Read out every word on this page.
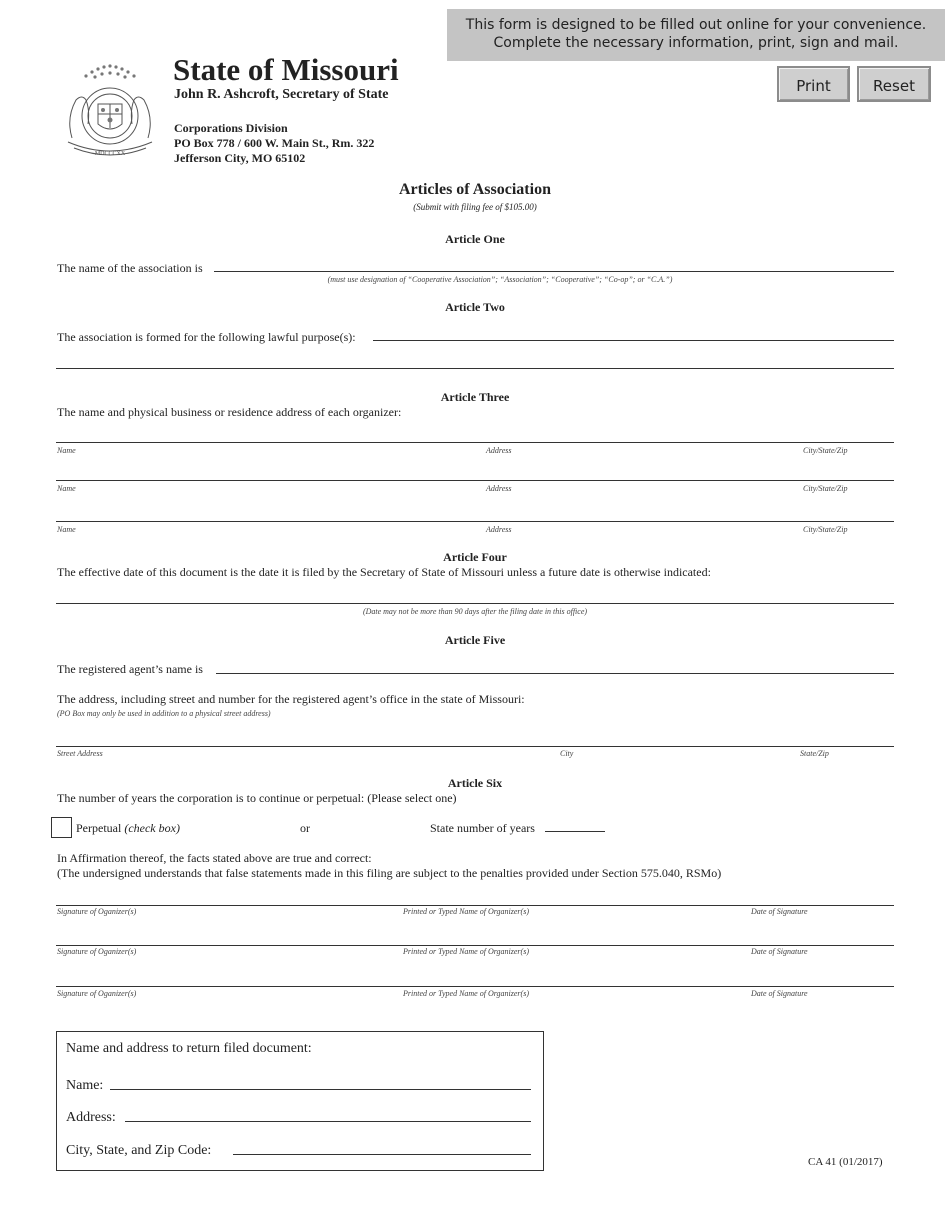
This form is designed to be filled out online for your convenience.
Complete the necessary information, print, sign and mail.
Print	Reset
MDCCCXX
State of Missouri
John R. Ashcroft, Secretary of State
Corporations Division
PO Box 778 / 600 W. Main St., Rm. 322
Jefferson City, MO 65102
Articles of Association
(Submit with filing fee of $105.00)
Article One
The name of the association is
(must use designation of “Cooperative Association”; “Association”; “Cooperative”; “Co-op”; or “C.A.”)
Article Two
The association is formed for the following lawful purpose(s):
Article Three
The name and physical business or residence address of each organizer:
Name	Address	City/State/Zip
Name	Address	City/State/Zip
Name	Address	City/State/Zip
Article Four
The effective date of this document is the date it is filed by the Secretary of State of Missouri unless a future date is otherwise indicated:
(Date may not be more than 90 days after the filing date in this office)
Article Five
The registered agent’s name is
The address, including street and number for the registered agent’s office in the state of Missouri:
(PO Box may only be used in addition to a physical street address)
Street Address	City	State/Zip
Article Six
The number of years the corporation is to continue or perpetual: (Please select one)
Perpetual (check box)	or	State number of years
In Affirmation thereof, the facts stated above are true and correct:
(The undersigned understands that false statements made in this filing are subject to the penalties provided under Section 575.040, RSMo)
Signature of Oganizer(s)	Printed or Typed Name of Organizer(s)	Date of Signature
Signature of Oganizer(s)	Printed or Typed Name of Organizer(s)	Date of Signature
Signature of Oganizer(s)	Printed or Typed Name of Organizer(s)	Date of Signature
Name and address to return filed document:
Name:
Address:
City, State, and Zip Code:
CA 41 (01/2017)
